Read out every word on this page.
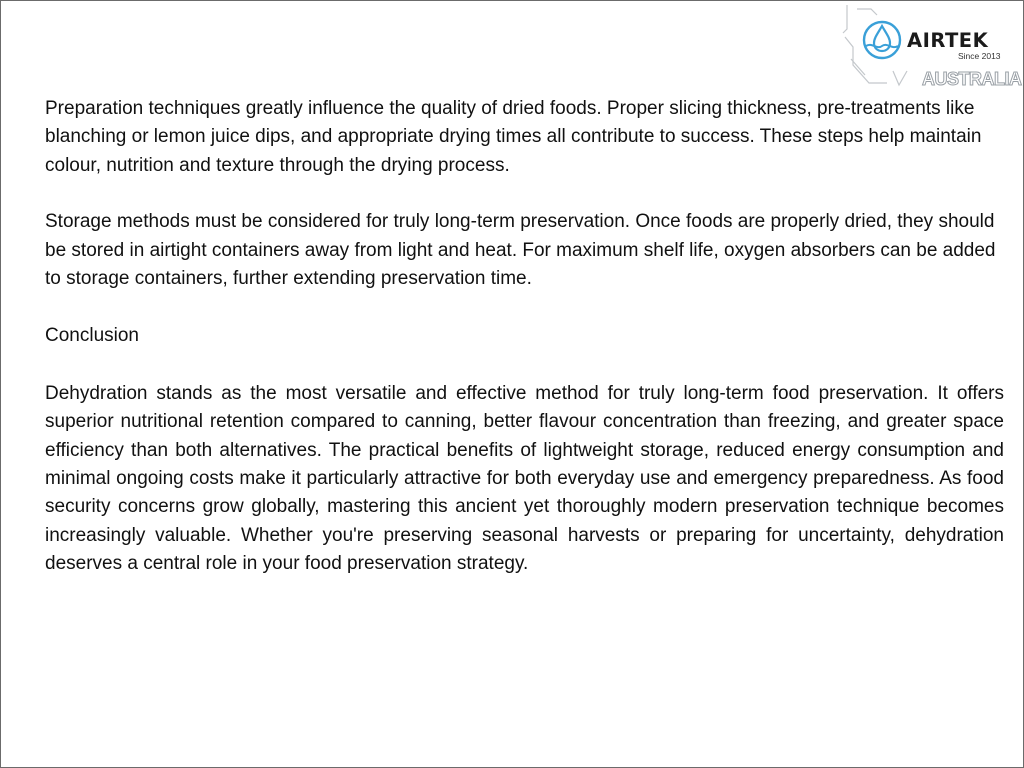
AIRTEK
Since 2013
AUSTRALIA

Preparation techniques greatly influence the quality of dried foods. Proper slicing thickness, pre-treatments like blanching or lemon juice dips, and appropriate drying times all contribute to success. These steps help maintain colour, nutrition and texture through the drying process.

Storage methods must be considered for truly long-term preservation. Once foods are properly dried, they should be stored in airtight containers away from light and heat. For maximum shelf life, oxygen absorbers can be added to storage containers, further extending preservation time.

Conclusion

Dehydration stands as the most versatile and effective method for truly long-term food preservation. It offers superior nutritional retention compared to canning, better flavour concentration than freezing, and greater space efficiency than both alternatives. The practical benefits of lightweight storage, reduced energy consumption and minimal ongoing costs make it particularly attractive for both everyday use and emergency preparedness. As food security concerns grow globally, mastering this ancient yet thoroughly modern preservation technique becomes increasingly valuable. Whether you're preserving seasonal harvests or preparing for uncertainty, dehydration deserves a central role in your food preservation strategy.
